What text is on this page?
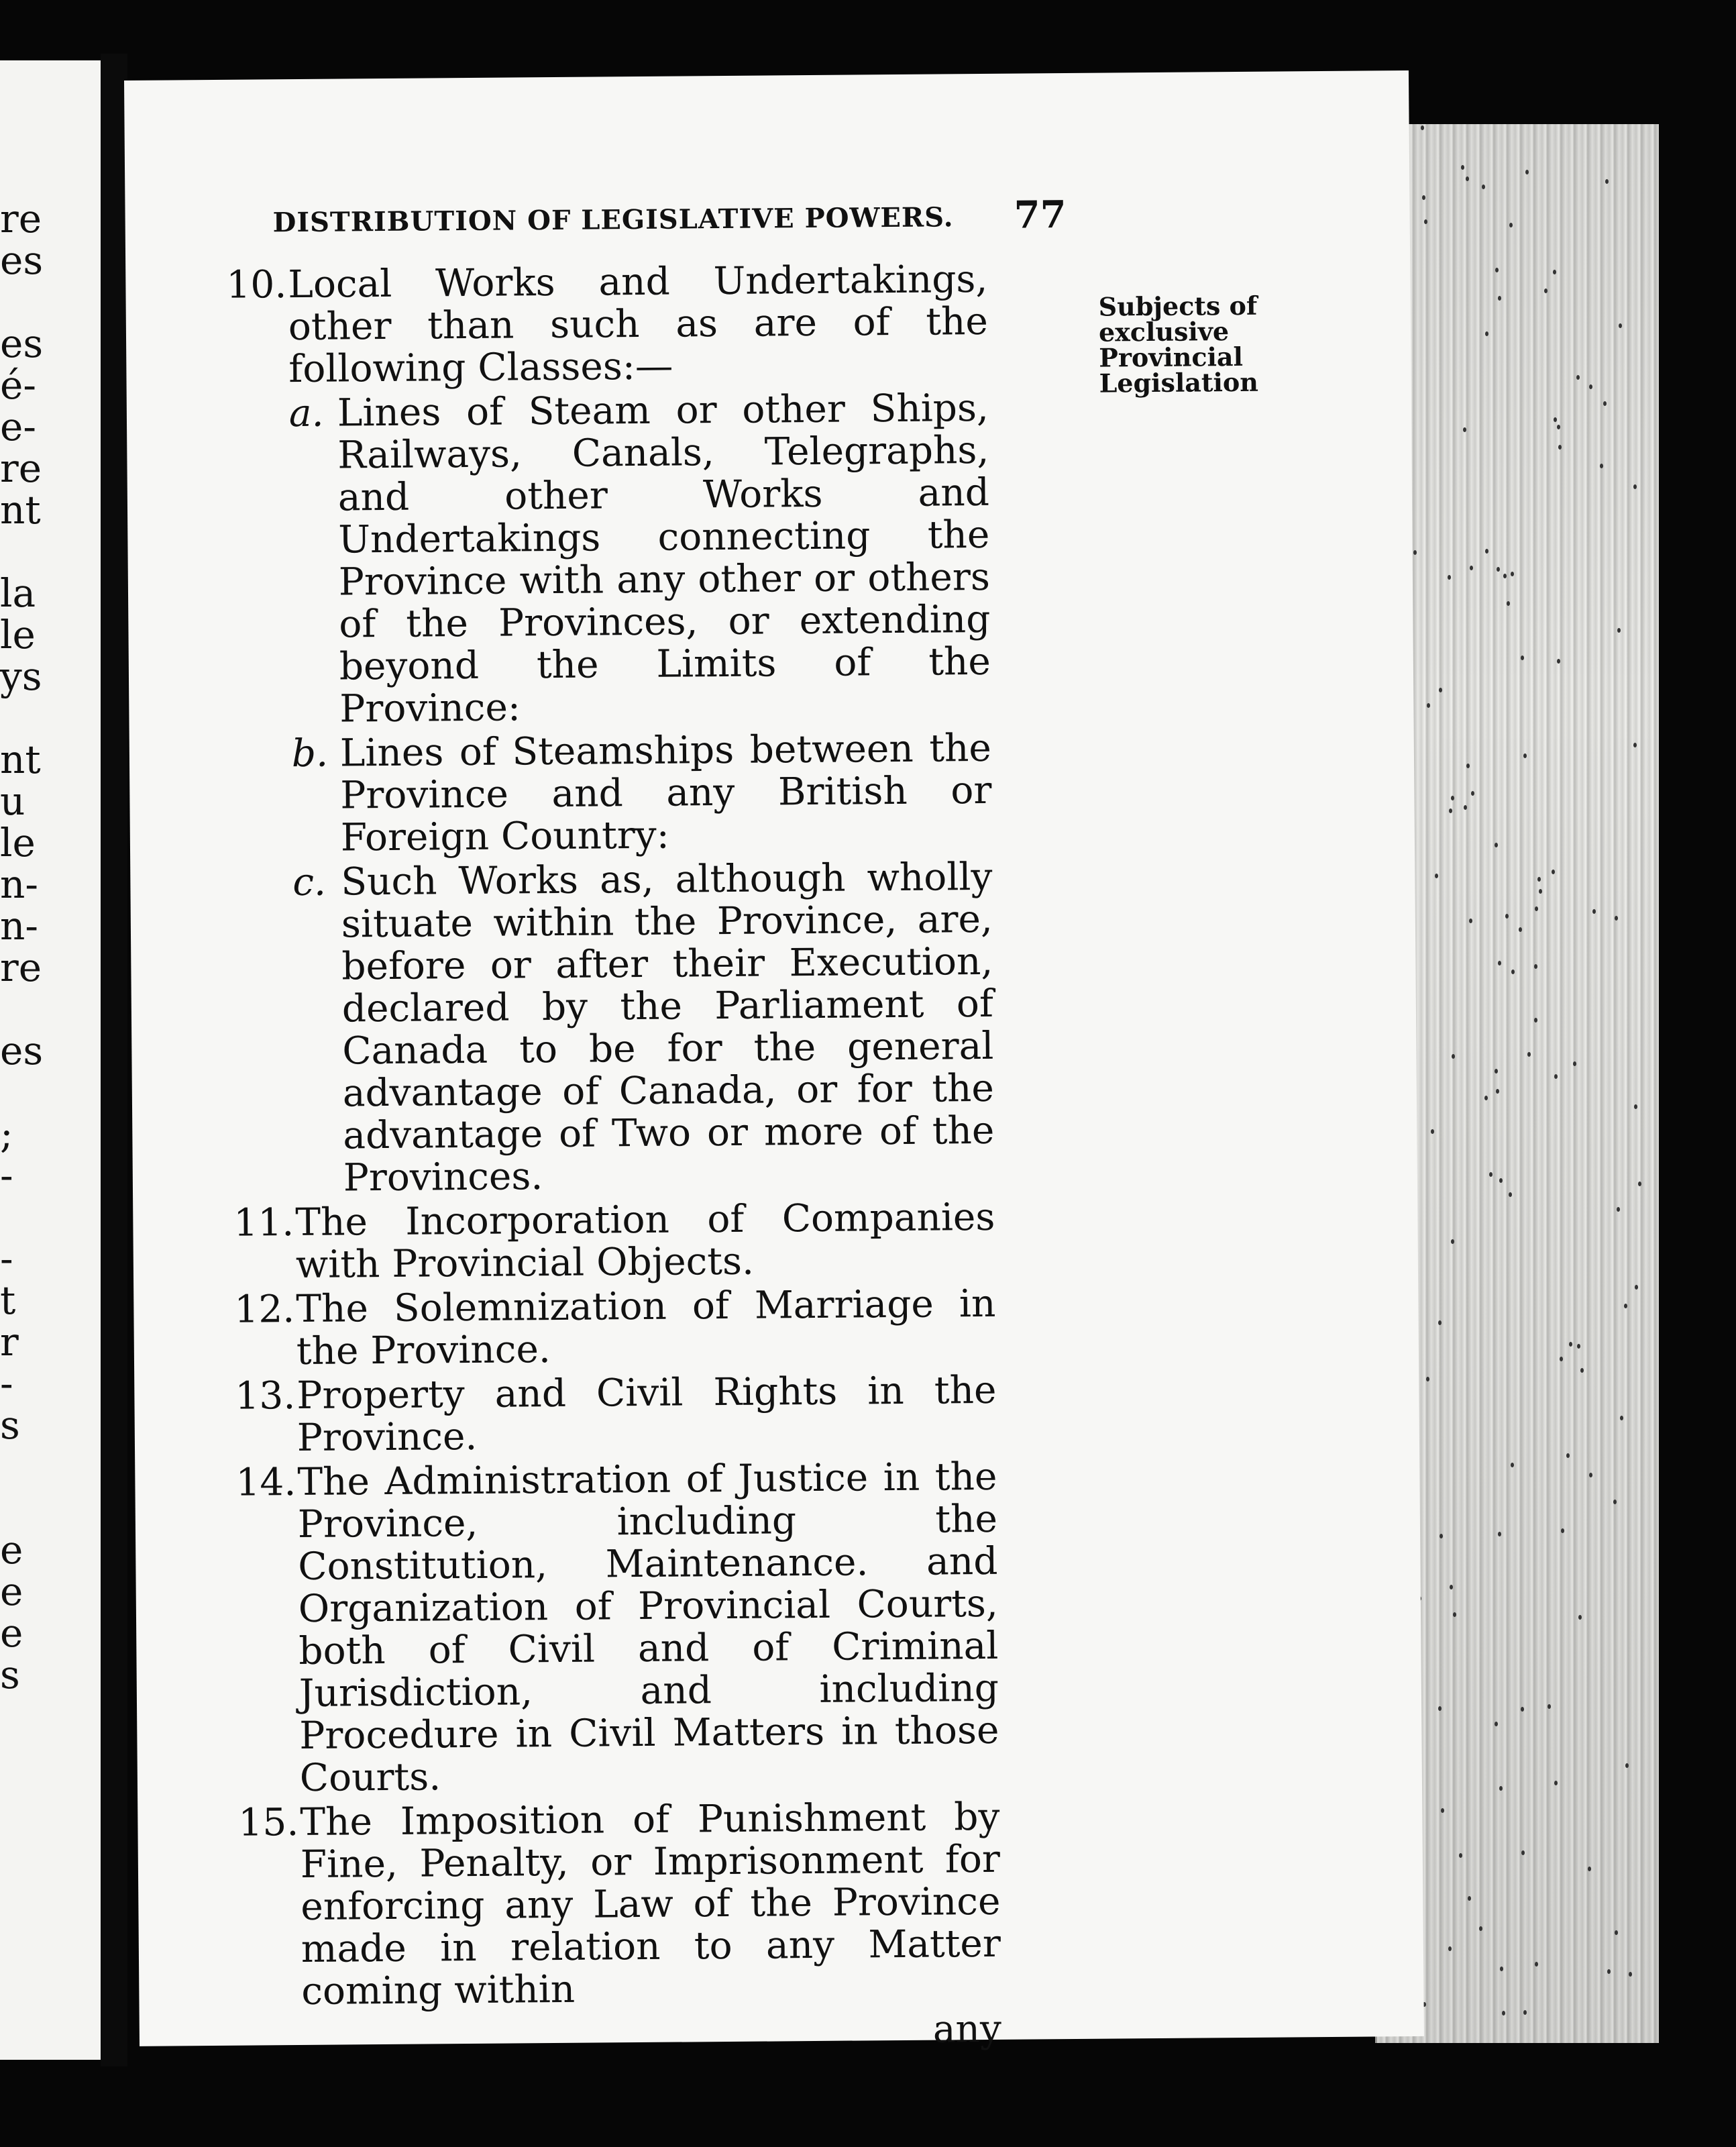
re
es
es
é-
e-
re
nt
la
le
ys
nt
u
le
n-
n-
re
es
;
-
-
t
r
-
s
e
e
e
s
DISTRIBUTION OF LEGISLATIVE POWERS.	77
Subjects of
exclusive
Provincial
Legislation
10.Local Works and Undertakings, other than such as are of the following Classes:—
a. Lines of Steam or other Ships, Railways, Canals, Telegraphs, and other Works and Undertakings connecting the Province with any other or others of the Provinces, or extending beyond the Limits of the Province:
b. Lines of Steamships between the Province and any British or Foreign Country:
c. Such Works as, although wholly situate within the Province, are, before or after their Execution, declared by the Parliament of Canada to be for the general advantage of Canada, or for the advantage of Two or more of the Provinces.
11.The Incorporation of Companies with Provincial Objects.
12.The Solemnization of Marriage in the Province.
13.Property and Civil Rights in the Province.
14.The Administration of Justice in the Province, including the Constitution, Maintenance. and Organization of Provincial Courts, both of Civil and of Criminal Jurisdiction, and including Procedure in Civil Matters in those Courts.
15.The Imposition of Punishment by Fine, Penalty, or Imprisonment for enforcing any Law of the Province made in relation to any Matter coming within
any
